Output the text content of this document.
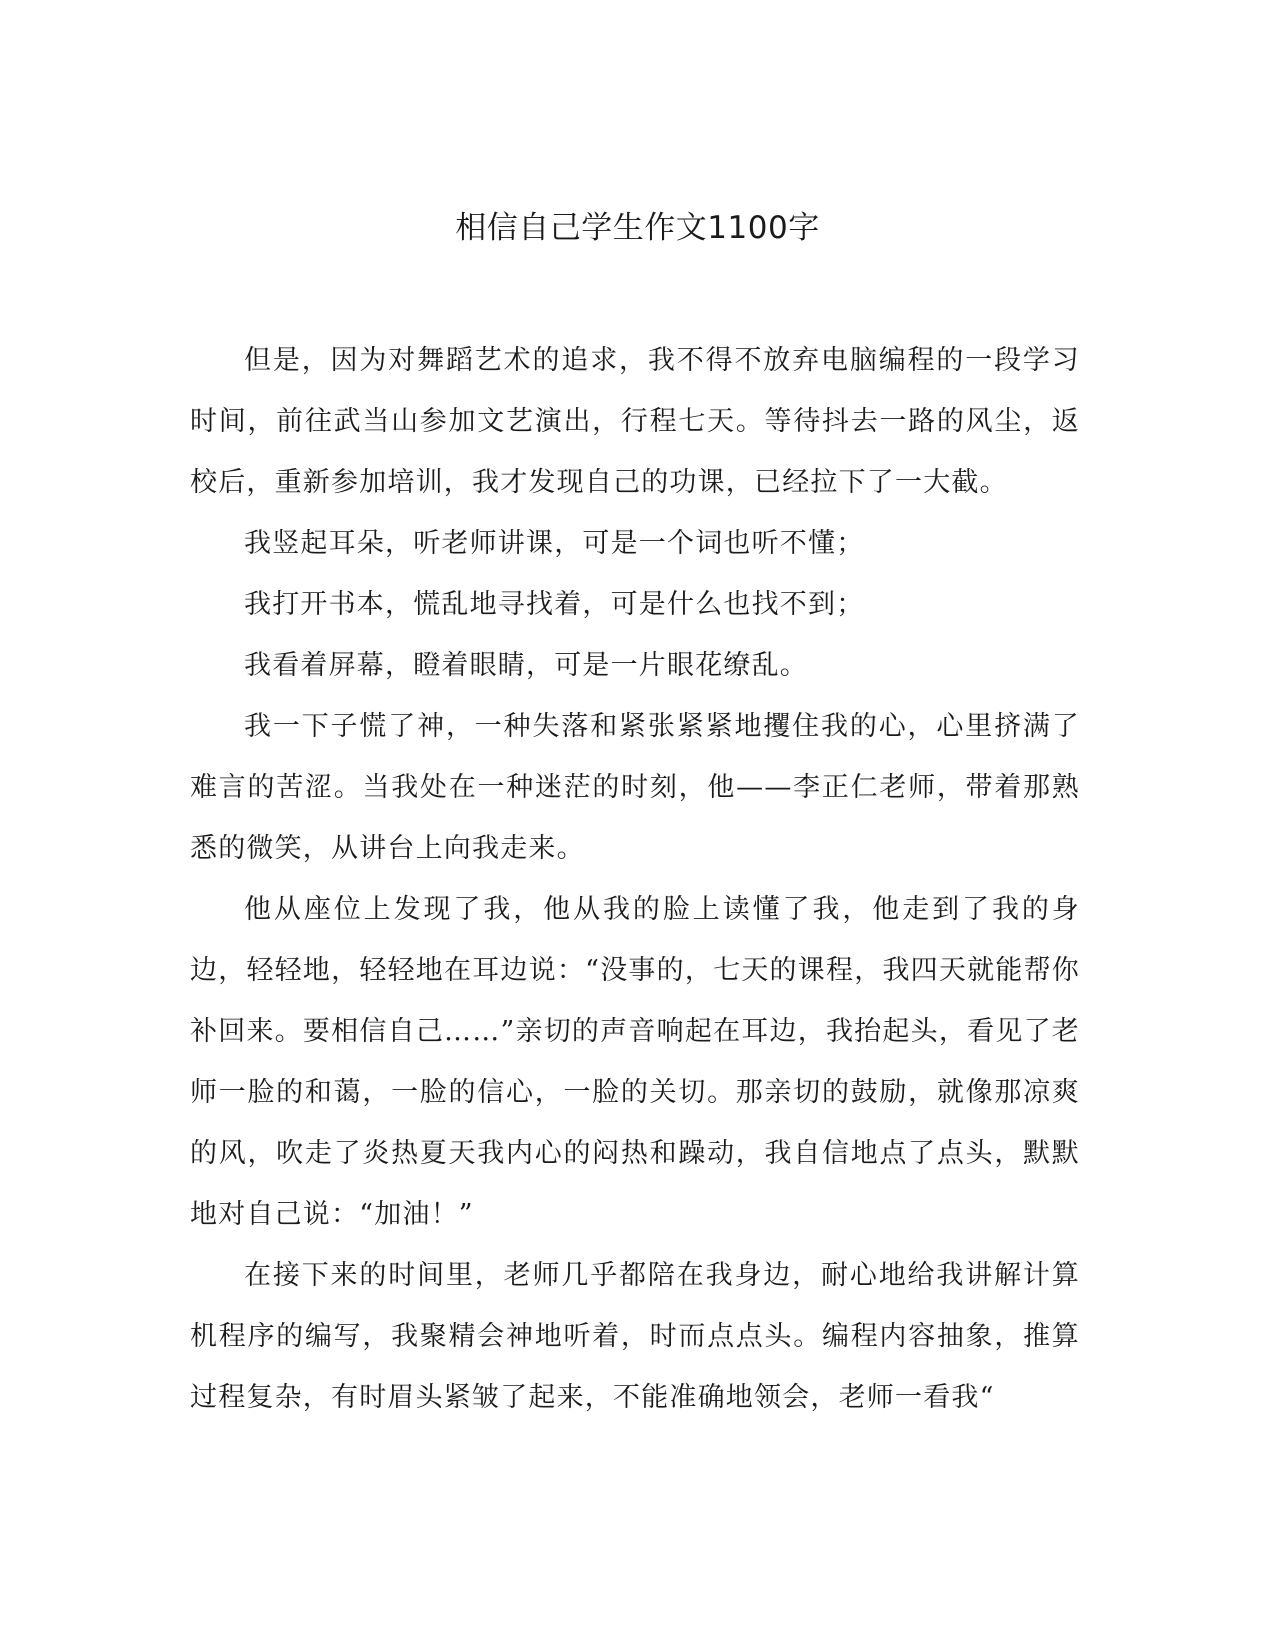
相信自己学生作文1100字

但是，因为对舞蹈艺术的追求，我不得不放弃电脑编程的一段学习时间，前往武当山参加文艺演出，行程七天。等待抖去一路的风尘，返校后，重新参加培训，我才发现自己的功课，已经拉下了一大截。

我竖起耳朵，听老师讲课，可是一个词也听不懂；

我打开书本，慌乱地寻找着，可是什么也找不到；

我看着屏幕，瞪着眼睛，可是一片眼花缭乱。

我一下子慌了神，一种失落和紧张紧紧地攫住我的心，心里挤满了难言的苦涩。当我处在一种迷茫的时刻，他——李正仁老师，带着那熟悉的微笑，从讲台上向我走来。

他从座位上发现了我，他从我的脸上读懂了我，他走到了我的身边，轻轻地，轻轻地在耳边说：“没事的，七天的课程，我四天就能帮你补回来。要相信自己……”亲切的声音响起在耳边，我抬起头，看见了老师一脸的和蔼，一脸的信心，一脸的关切。那亲切的鼓励，就像那凉爽的风，吹走了炎热夏天我内心的闷热和躁动，我自信地点了点头，默默地对自己说：“加油！”

在接下来的时间里，老师几乎都陪在我身边，耐心地给我讲解计算机程序的编写，我聚精会神地听着，时而点点头。编程内容抽象，推算过程复杂，有时眉头紧皱了起来，不能准确地领会，老师一看我“
